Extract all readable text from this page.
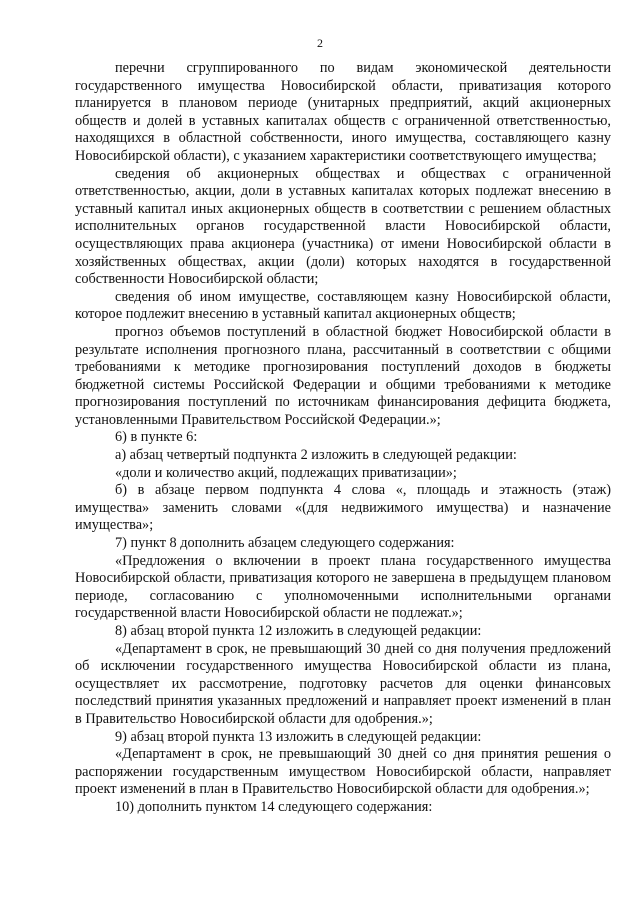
2

перечни сгруппированного по видам экономической деятельности государственного имущества Новосибирской области, приватизация которого планируется в плановом периоде (унитарных предприятий, акций акционерных обществ и долей в уставных капиталах обществ с ограниченной ответственностью, находящихся в областной собственности, иного имущества, составляющего казну Новосибирской области), с указанием характеристики соответствующего имущества;

сведения об акционерных обществах и обществах с ограниченной ответственностью, акции, доли в уставных капиталах которых подлежат внесению в уставный капитал иных акционерных обществ в соответствии с решением областных исполнительных органов государственной власти Новосибирской области, осуществляющих права акционера (участника) от имени Новосибирской области в хозяйственных обществах, акции (доли) которых находятся в государственной собственности Новосибирской области;

сведения об ином имуществе, составляющем казну Новосибирской области, которое подлежит внесению в уставный капитал акционерных обществ;

прогноз объемов поступлений в областной бюджет Новосибирской области в результате исполнения прогнозного плана, рассчитанный в соответствии с общими требованиями к методике прогнозирования поступлений доходов в бюджеты бюджетной системы Российской Федерации и общими требованиями к методике прогнозирования поступлений по источникам финансирования дефицита бюджета, установленными Правительством Российской Федерации.»;

6) в пункте 6:

а) абзац четвертый подпункта 2 изложить в следующей редакции:

«доли и количество акций, подлежащих приватизации»;

б) в абзаце первом подпункта 4 слова «, площадь и этажность (этаж) имущества» заменить словами «(для недвижимого имущества) и назначение имущества»;

7) пункт 8 дополнить абзацем следующего содержания:

«Предложения о включении в проект плана государственного имущества Новосибирской области, приватизация которого не завершена в предыдущем плановом периоде, согласованию с уполномоченными исполнительными органами государственной власти Новосибирской области не подлежат.»;

8) абзац второй пункта 12 изложить в следующей редакции:

«Департамент в срок, не превышающий 30 дней со дня получения предложений об исключении государственного имущества Новосибирской области из плана, осуществляет их рассмотрение, подготовку расчетов для оценки финансовых последствий принятия указанных предложений и направляет проект изменений в план в Правительство Новосибирской области для одобрения.»;

9) абзац второй пункта 13 изложить в следующей редакции:

«Департамент в срок, не превышающий 30 дней со дня принятия решения о распоряжении государственным имуществом Новосибирской области, направляет проект изменений в план в Правительство Новосибирской области для одобрения.»;

10) дополнить пунктом 14 следующего содержания:
